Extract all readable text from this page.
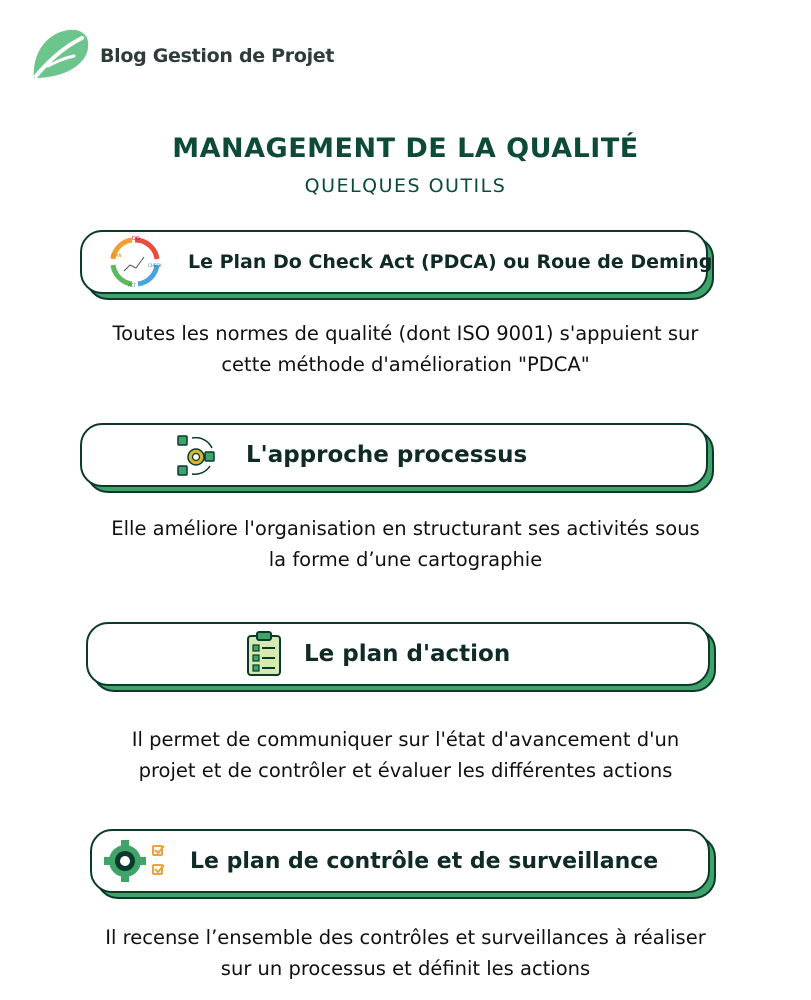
Blog Gestion de Projet
MANAGEMENT DE LA QUALITÉ
QUELQUES OUTILS
DO
PLAN
CHECK
ACT
Le Plan Do Check Act (PDCA) ou Roue de Deming
Toutes les normes de qualité (dont ISO 9001) s'appuient sur
cette méthode d'amélioration "PDCA"
L'approche processus
Elle améliore l'organisation en structurant ses activités sous
la forme d’une cartographie
Le plan d'action
Il permet de communiquer sur l'état d'avancement d'un
projet et de contrôler et évaluer les différentes actions
Le plan de contrôle et de surveillance
Il recense l’ensemble des contrôles et surveillances à réaliser
sur un processus et définit les actions
